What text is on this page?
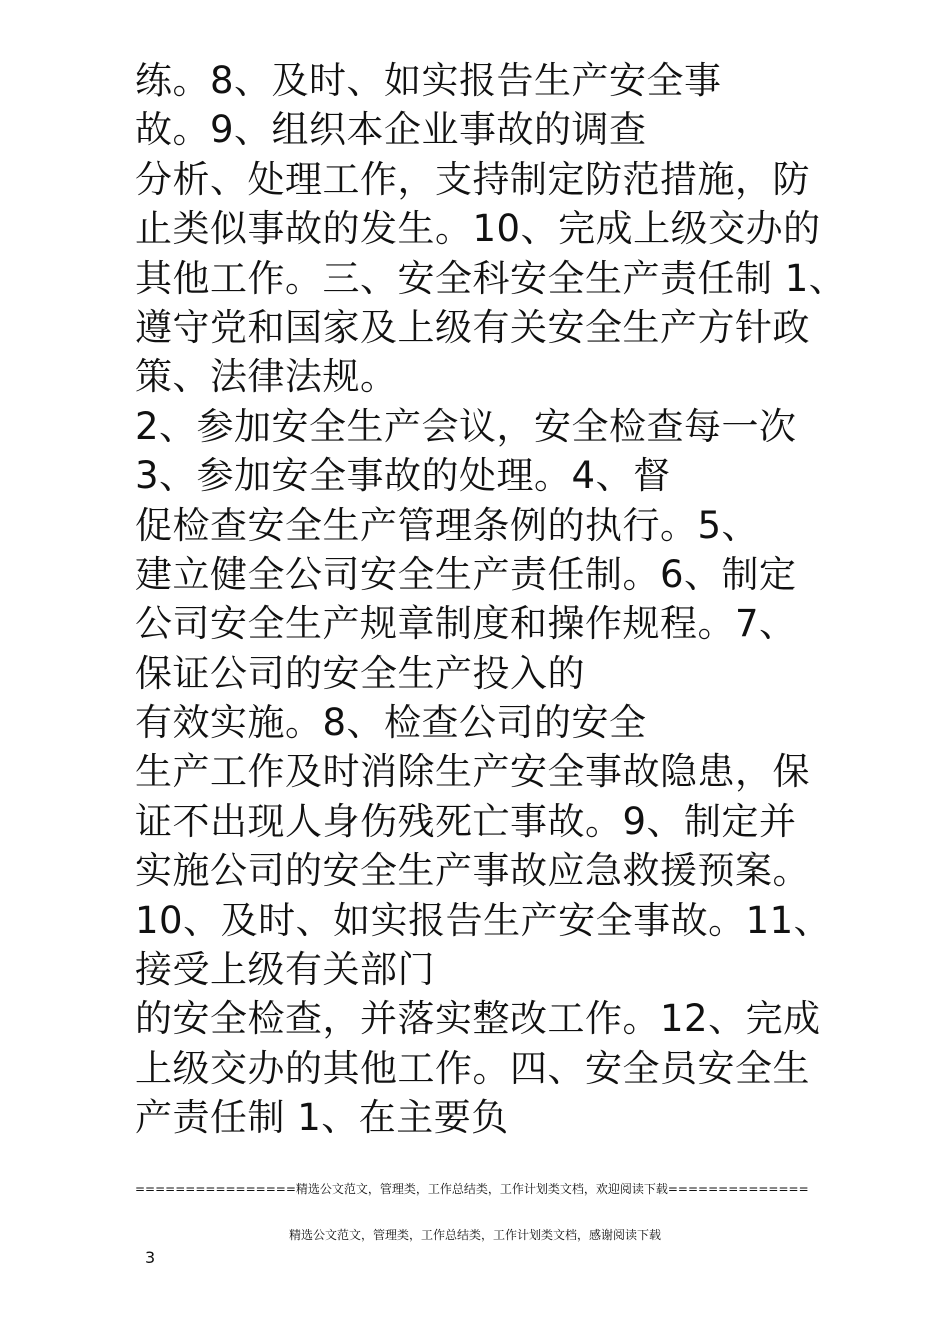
练。8、及时、如实报告生产安全事
故。9、组织本企业事故的调查
分析、处理工作，支持制定防范措施，防
止类似事故的发生。10、完成上级交办的
其他工作。三、安全科安全生产责任制 1、
遵守党和国家及上级有关安全生产方针政
策、法律法规。
2、参加安全生产会议，安全检查每一次
3、参加安全事故的处理。4、督
促检查安全生产管理条例的执行。5、
建立健全公司安全生产责任制。6、制定
公司安全生产规章制度和操作规程。7、
保证公司的安全生产投入的
有效实施。8、检查公司的安全
生产工作及时消除生产安全事故隐患，保
证不出现人身伤残死亡事故。9、制定并
实施公司的安全生产事故应急救援预案。
10、及时、如实报告生产安全事故。11、
接受上级有关部门
的安全检查，并落实整改工作。12、完成
上级交办的其他工作。四、安全员安全生
产责任制 1、在主要负
================精选公文范文，管理类，工作总结类，工作计划类文档，欢迎阅读下载==============
精选公文范文，管理类，工作总结类，工作计划类文档，感谢阅读下载
3
